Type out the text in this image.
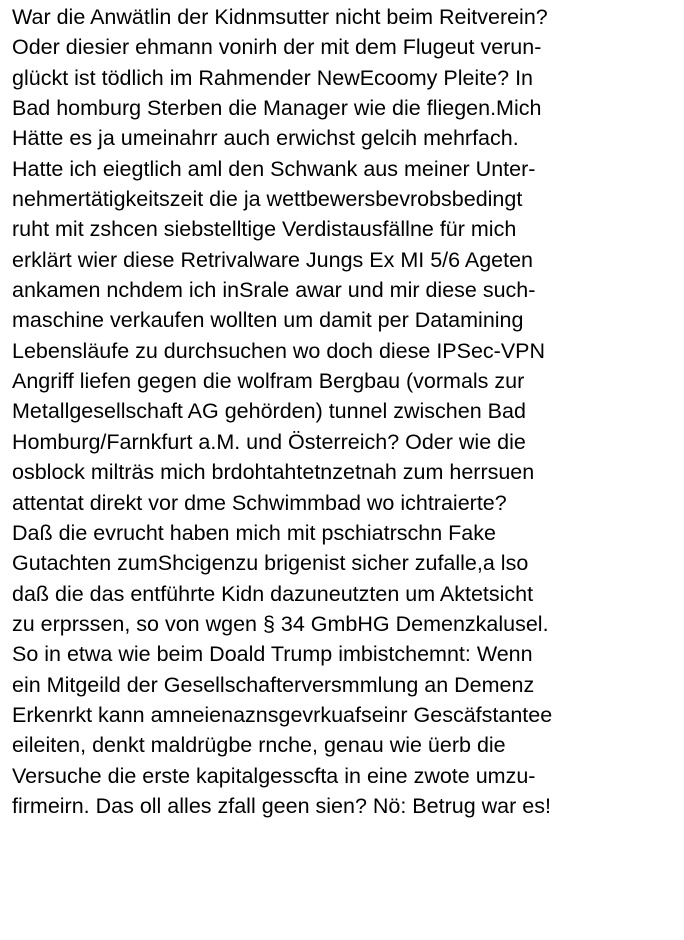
War die Anwätlin der Kidnmsutter nicht beim Reitverein?
Oder diesier ehmann vonirh der mit dem Flugeut verun-
glückt ist tödlich im Rahmender NewEcoomy Pleite? In
Bad homburg Sterben die Manager wie die fliegen.Mich
Hätte es ja umeinahrr auch erwichst gelcih mehrfach.
Hatte ich eiegtlich aml den Schwank aus meiner Unter-
nehmertätigkeitszeit die ja wettbewersbevrobsbedingt
ruht mit zshcen siebstelltige Verdistausfällne für mich
erklärt wier diese Retrivalware Jungs Ex MI 5/6 Ageten
ankamen nchdem ich inSrale awar und mir diese such-
maschine verkaufen wollten um damit per Datamining
Lebensläufe zu durchsuchen wo doch diese IPSec-VPN
Angriff liefen gegen die wolfram Bergbau (vormals zur
Metallgesellschaft AG gehörden) tunnel zwischen Bad
Homburg/Farnkfurt a.M. und Österreich? Oder wie die
osblock milträs mich brdohtahtetnzetnah zum herrsuen
attentat direkt vor dme Schwimmbad wo ichtraierte?
Daß die evrucht haben mich mit pschiatrschn Fake
Gutachten zumShcigenzu brigenist sicher zufalle,a lso
daß die das entführte Kidn dazuneutzten um Aktetsicht
zu erprssen, so von wgen § 34 GmbHG Demenzkalusel.
So in etwa wie beim Doald Trump imbistchemnt: Wenn
ein Mitgeild der Gesellschafterversmmlung an Demenz
Erkenrkt kann amneienaznsgevrkuafseinr Gescäfstantee
eileiten, denkt maldrügbe rnche, genau wie üerb die
Versuche die erste kapitalgesscfta in eine zwote umzu-
firmeirn. Das oll alles zfall geen sien? Nö: Betrug war es!
